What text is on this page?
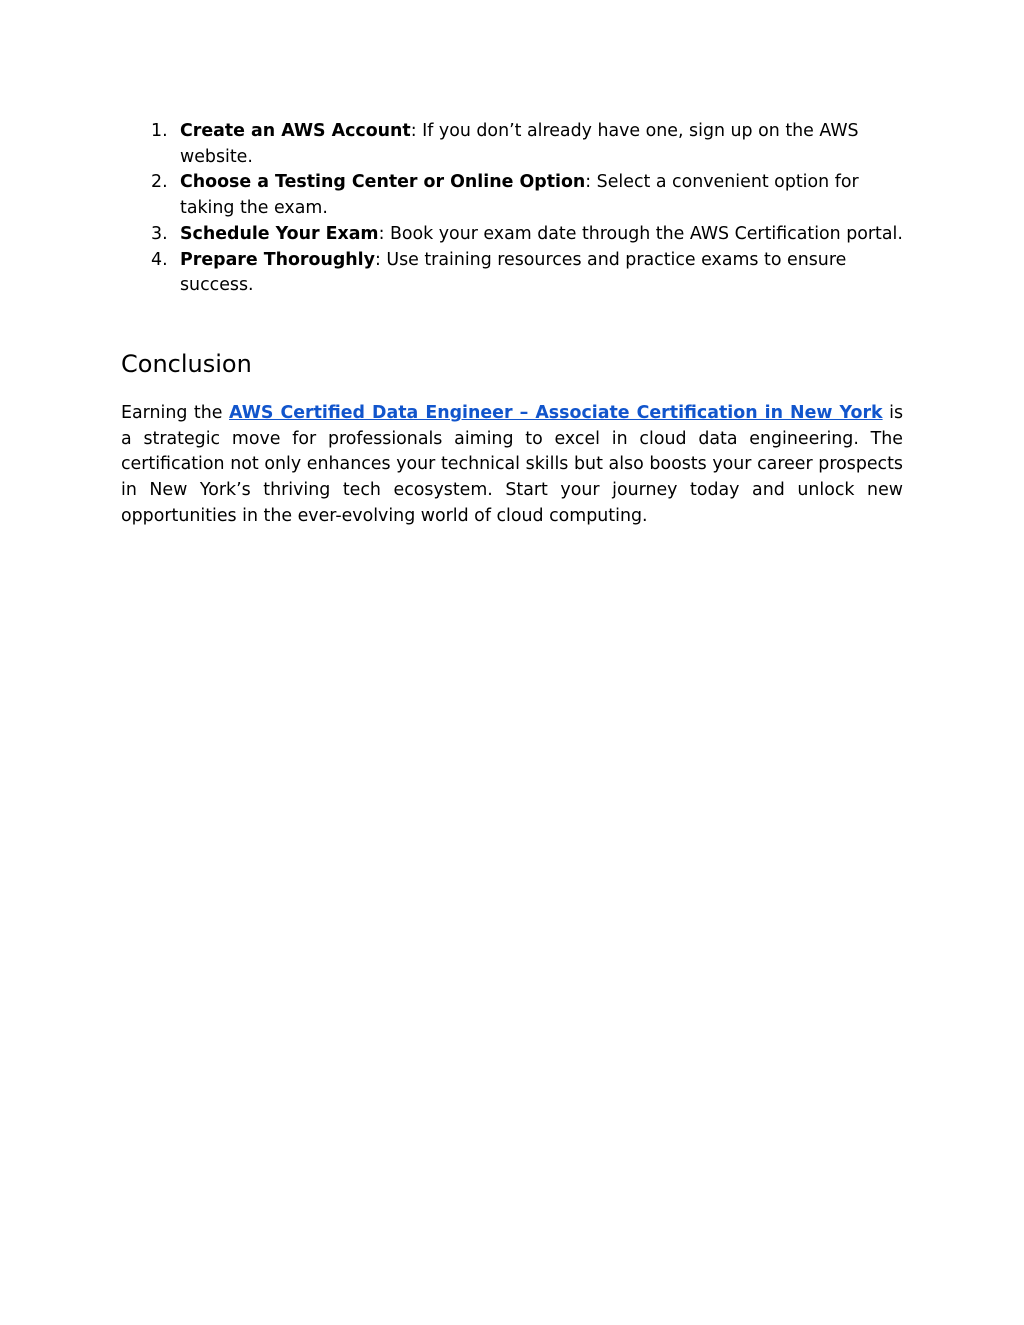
1. Create an AWS Account: If you don’t already have one, sign up on the AWS website.
2. Choose a Testing Center or Online Option: Select a convenient option for taking the exam.
3. Schedule Your Exam: Book your exam date through the AWS Certification portal.
4. Prepare Thoroughly: Use training resources and practice exams to ensure success.
Conclusion

Earning the AWS Certified Data Engineer – Associate Certification in New York is a strategic move for professionals aiming to excel in cloud data engineering. The certification not only enhances your technical skills but also boosts your career prospects in New York’s thriving tech ecosystem. Start your journey today and unlock new opportunities in the ever-evolving world of cloud computing.
